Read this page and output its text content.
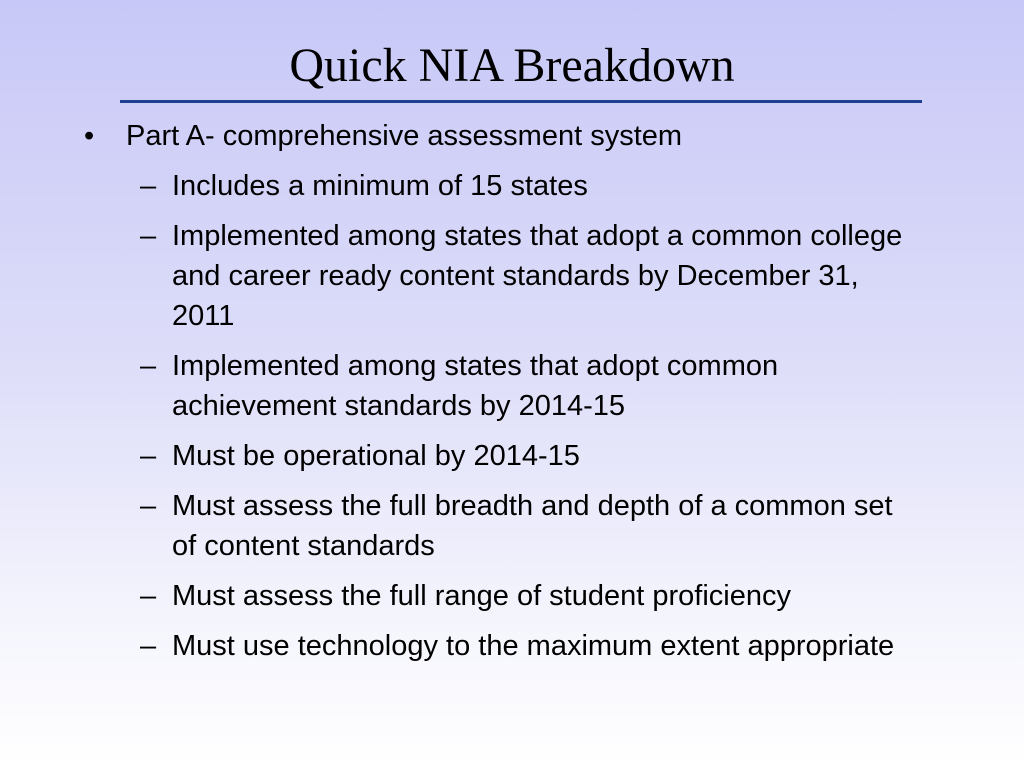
Quick NIA Breakdown
• Part A- comprehensive assessment system
– Includes a minimum of 15 states
– Implemented among states that adopt a common college and career ready content standards by December 31, 2011
– Implemented among states that adopt common achievement standards by 2014-15
– Must be operational by 2014-15
– Must assess the full breadth and depth of a common set of content standards
– Must assess the full range of student proficiency
– Must use technology to the maximum extent appropriate
